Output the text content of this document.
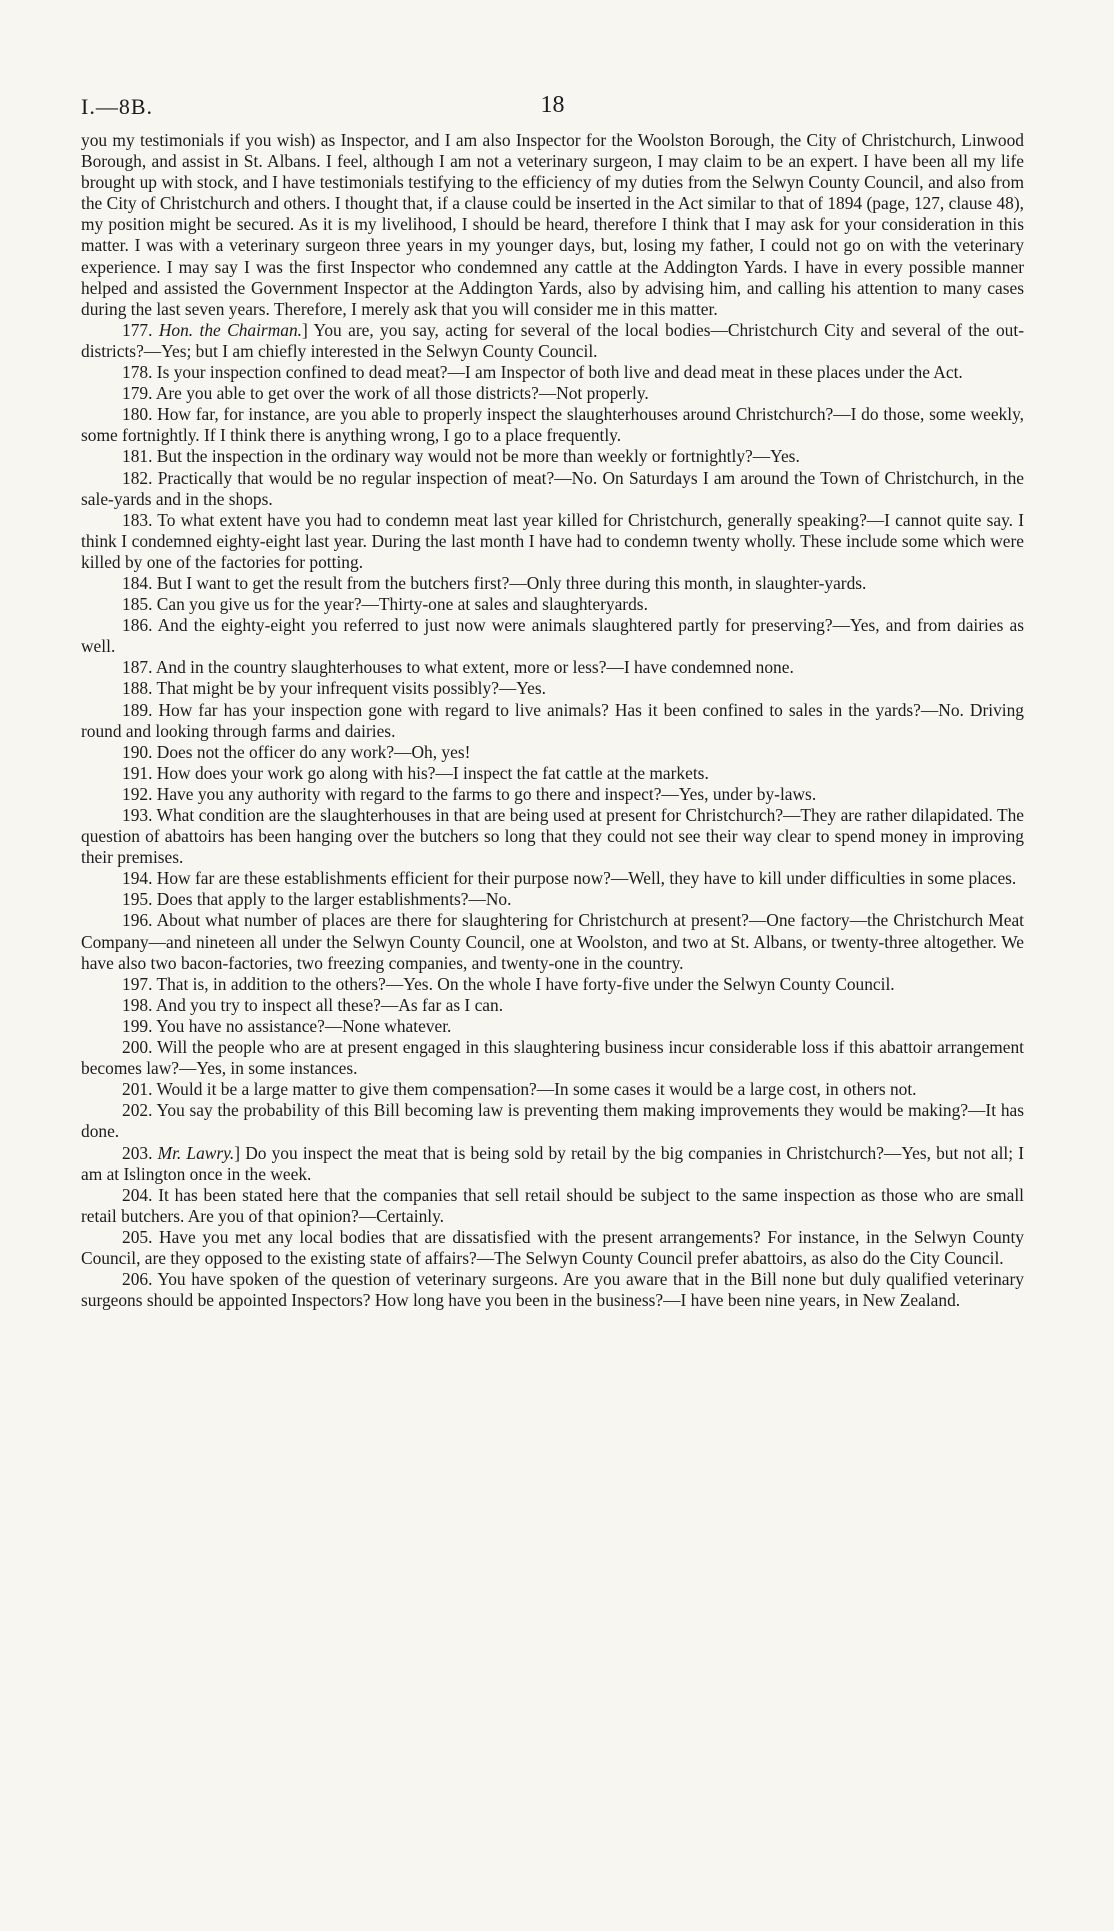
I.—8B.	18

you my testimonials if you wish) as Inspector, and I am also Inspector for the Woolston Borough, the City of Christchurch, Linwood Borough, and assist in St. Albans. I feel, although I am not a veterinary surgeon, I may claim to be an expert. I have been all my life brought up with stock, and I have testimonials testifying to the efficiency of my duties from the Selwyn County Council, and also from the City of Christchurch and others. I thought that, if a clause could be inserted in the Act similar to that of 1894 (page, 127, clause 48), my position might be secured. As it is my livelihood, I should be heard, therefore I think that I may ask for your consideration in this matter. I was with a veterinary surgeon three years in my younger days, but, losing my father, I could not go on with the veterinary experience. I may say I was the first Inspector who condemned any cattle at the Addington Yards. I have in every possible manner helped and assisted the Government Inspector at the Addington Yards, also by advising him, and calling his attention to many cases during the last seven years. Therefore, I merely ask that you will consider me in this matter.

177. Hon. the Chairman.] You are, you say, acting for several of the local bodies—Christchurch City and several of the out-districts?—Yes; but I am chiefly interested in the Selwyn County Council.

178. Is your inspection confined to dead meat?—I am Inspector of both live and dead meat in these places under the Act.

179. Are you able to get over the work of all those districts?—Not properly.

180. How far, for instance, are you able to properly inspect the slaughterhouses around Christchurch?—I do those, some weekly, some fortnightly. If I think there is anything wrong, I go to a place frequently.

181. But the inspection in the ordinary way would not be more than weekly or fortnightly?—Yes.

182. Practically that would be no regular inspection of meat?—No. On Saturdays I am around the Town of Christchurch, in the sale-yards and in the shops.

183. To what extent have you had to condemn meat last year killed for Christchurch, generally speaking?—I cannot quite say. I think I condemned eighty-eight last year. During the last month I have had to condemn twenty wholly. These include some which were killed by one of the factories for potting.

184. But I want to get the result from the butchers first?—Only three during this month, in slaughter-yards.

185. Can you give us for the year?—Thirty-one at sales and slaughteryards.

186. And the eighty-eight you referred to just now were animals slaughtered partly for preserving?—Yes, and from dairies as well.

187. And in the country slaughterhouses to what extent, more or less?—I have condemned none.

188. That might be by your infrequent visits possibly?—Yes.

189. How far has your inspection gone with regard to live animals? Has it been confined to sales in the yards?—No. Driving round and looking through farms and dairies.

190. Does not the officer do any work?—Oh, yes!

191. How does your work go along with his?—I inspect the fat cattle at the markets.

192. Have you any authority with regard to the farms to go there and inspect?—Yes, under by-laws.

193. What condition are the slaughterhouses in that are being used at present for Christchurch?—They are rather dilapidated. The question of abattoirs has been hanging over the butchers so long that they could not see their way clear to spend money in improving their premises.

194. How far are these establishments efficient for their purpose now?—Well, they have to kill under difficulties in some places.

195. Does that apply to the larger establishments?—No.

196. About what number of places are there for slaughtering for Christchurch at present?—One factory—the Christchurch Meat Company—and nineteen all under the Selwyn County Council, one at Woolston, and two at St. Albans, or twenty-three altogether. We have also two bacon-factories, two freezing companies, and twenty-one in the country.

197. That is, in addition to the others?—Yes. On the whole I have forty-five under the Selwyn County Council.

198. And you try to inspect all these?—As far as I can.

199. You have no assistance?—None whatever.

200. Will the people who are at present engaged in this slaughtering business incur considerable loss if this abattoir arrangement becomes law?—Yes, in some instances.

201. Would it be a large matter to give them compensation?—In some cases it would be a large cost, in others not.

202. You say the probability of this Bill becoming law is preventing them making improvements they would be making?—It has done.

203. Mr. Lawry.] Do you inspect the meat that is being sold by retail by the big companies in Christchurch?—Yes, but not all; I am at Islington once in the week.

204. It has been stated here that the companies that sell retail should be subject to the same inspection as those who are small retail butchers. Are you of that opinion?—Certainly.

205. Have you met any local bodies that are dissatisfied with the present arrangements? For instance, in the Selwyn County Council, are they opposed to the existing state of affairs?—The Selwyn County Council prefer abattoirs, as also do the City Council.

206. You have spoken of the question of veterinary surgeons. Are you aware that in the Bill none but duly qualified veterinary surgeons should be appointed Inspectors? How long have you been in the business?—I have been nine years, in New Zealand.
